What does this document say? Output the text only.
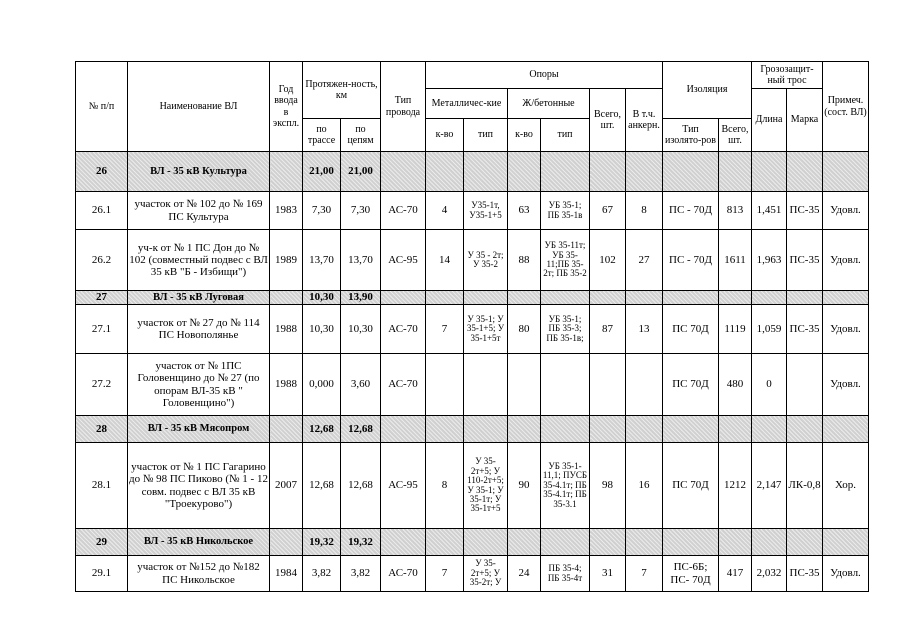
№ п/п	Наименование ВЛ	Год ввода в экспл.	Протяжен-ность, км		Тип провода	Опоры						Изоляция		Грозозащит-ный трос		Примеч. (сост. ВЛ)
						Металличес-кие		Ж/бетонные		Всего, шт.	В т.ч. анкерн.			Длина	Марка	
			по трассе	по цепям		к-во	тип	к-во	тип			Тип изолято-ров	Всего, шт.			
26	ВЛ - 35 кВ Культура		21,00	21,00												
26.1	участок от № 102 до № 169 ПС Культура	1983	7,30	7,30	АС-70	4	У35-1т, У35-1+5	63	УБ 35-1; ПБ 35-1в	67	8	ПС - 70Д	813	1,451	ПС-35	Удовл.
26.2	уч-к от № 1 ПС Дон до № 102 (совместный подвес с ВЛ 35 кВ "Б - Избищи")	1989	13,70	13,70	АС-95	14	У 35 - 2т; У 35-2	88	УБ 35-11т; УБ 35-11;ПБ 35-2т; ПБ 35-2	102	27	ПС - 70Д	1611	1,963	ПС-35	Удовл.
27	ВЛ - 35 кВ Луговая		10,30	13,90												
27.1	участок от № 27 до № 114 ПС Новополянье	1988	10,30	10,30	АС-70	7	У 35-1; У 35-1+5; У 35-1+5т	80	УБ 35-1; ПБ 35-3; ПБ 35-1в;	87	13	ПС 70Д	1119	1,059	ПС-35	Удовл.
27.2	участок от № 1ПС Головенщино до № 27 (по опорам ВЛ-35 кВ " Головенщино")	1988	0,000	3,60	АС-70							ПС 70Д	480	0		Удовл.
28	ВЛ - 35 кВ Мясопром		12,68	12,68												
28.1	участок от № 1 ПС Гагарино до № 98 ПС Пиково (№ 1 - 12 совм. подвес с ВЛ 35 кВ "Троекурово")	2007	12,68	12,68	АС-95	8	У 35-2т+5; У 110-2т+5; У 35-1; У 35-1т; У 35-1т+5	90	УБ 35-1-11,1; ПУСБ 35-4.1т; ПБ 35-4.1т; ПБ 35-3.1	98	16	ПС 70Д	1212	2,147	ЛК-0,8	Хор.
29	ВЛ - 35 кВ Никольское		19,32	19,32												
29.1	участок от №152 до №182 ПС Никольское	1984	3,82	3,82	АС-70	7	У 35-2т+5; У 35-2т; У	24	ПБ 35-4; ПБ 35-4т	31	7	ПС-6Б; ПС- 70Д	417	2,032	ПС-35	Удовл.
